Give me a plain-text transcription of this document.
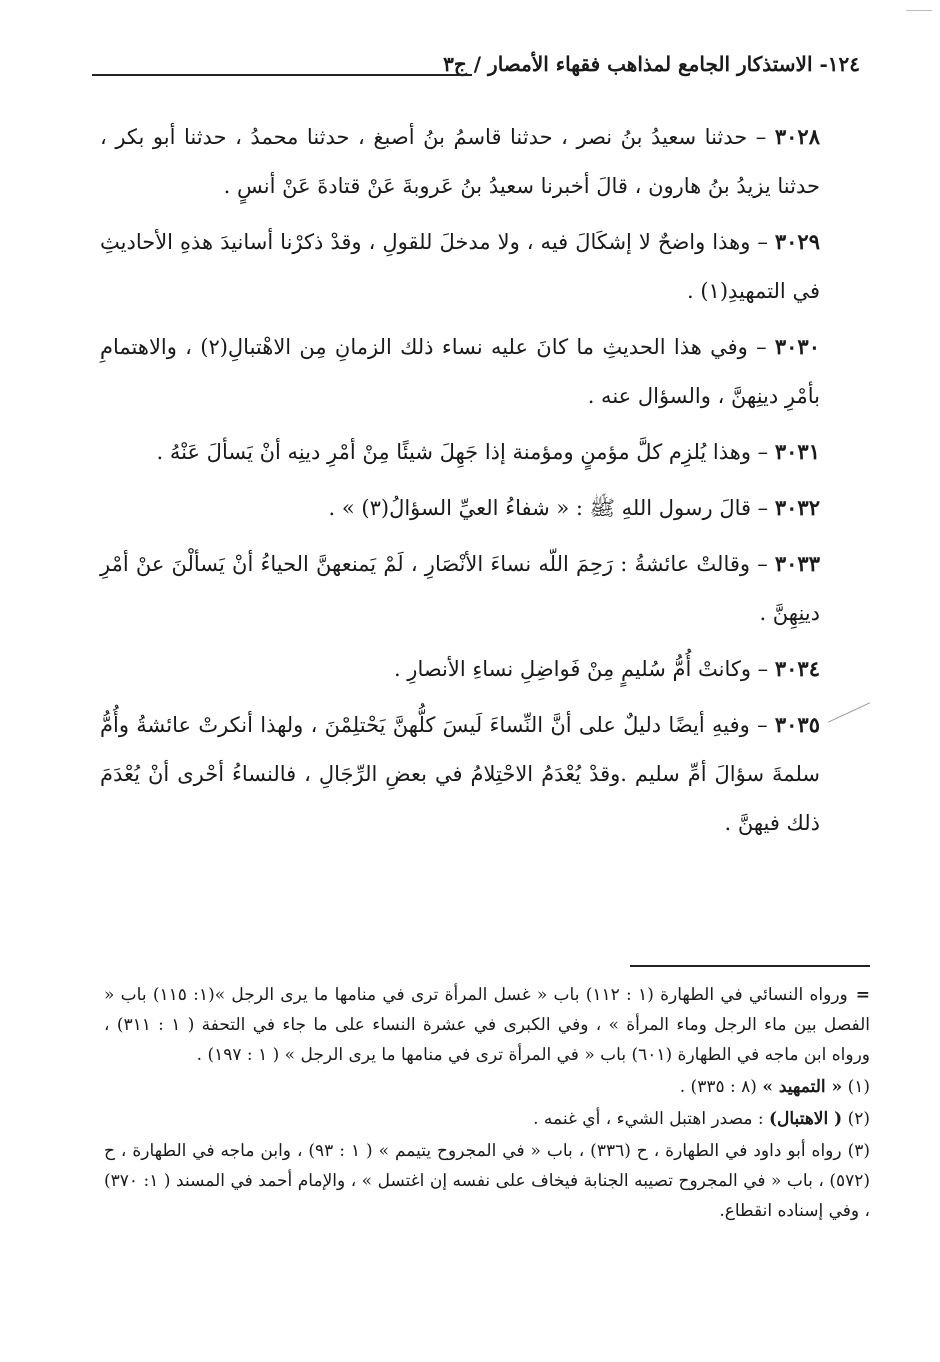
١٢٤- الاستذكار الجامع لمذاهب فقهاء الأمصار / ج٣

٣٠٢٨ – حدثنا سعيدُ بنُ نصر ، حدثنا قاسمُ بنُ أصبغ ، حدثنا محمدُ ، حدثنا أبو بكر ، حدثنا يزيدُ بنُ هارون ، قالَ أخبرنا سعيدُ بنُ عَروبةَ عَنْ قتادةَ عَنْ أنسٍ .

٣٠٢٩ – وهذا واضحٌ لا إشكَالَ فيه ، ولا مدخلَ للقولِ ، وقدْ ذكرْنا أسانيدَ هذهِ الأحاديثِ في التمهيدِ(١) .

٣٠٣٠ – وفي هذا الحديثِ ما كانَ عليه نساء ذلك الزمانِ مِن الاهْتبالِ(٢) ، والاهتمامِ بأمْرِ دينِهنَّ ، والسؤال عنه .

٣٠٣١ – وهذا يُلزِم كلَّ مؤمنٍ ومؤمنة إذا جَهِلَ شيئًا مِنْ أمْرِ دينِه أنْ يَسألَ عَنْهُ .

٣٠٣٢ – قالَ رسول اللهِ ﷺ : « شفاءُ العيِّ السؤالُ(٣) » .

٣٠٣٣ – وقالتْ عائشةُ : رَحِمَ اللّه نساءَ الأنْصَارِ ، لَمْ يَمنعهنَّ الحياءُ أنْ يَسألْنَ عنْ أمْرِ دينِهِنَّ .

٣٠٣٤ – وكانتْ أُمُّ سُليمٍ مِنْ فَواضِلِ نساءِ الأنصارِ .

٣٠٣٥ – وفيهِ أيضًا دليلٌ على أنَّ النِّساءَ لَيسَ كلُّهنَّ يَحْتلِمْنَ ، ولهذا أنكرتْ عائشةُ وأُمُّ سلمةَ سؤالَ أمِّ سليم .وقدْ يُعْدَمُ الاحْتِلامُ في بعضِ الرِّجَالِ ، فالنساءُ أحْرى أنْ يُعْدَمَ ذلك فيهنَّ .

=ورواه النسائي في الطهارة (١ : ١١٢) باب « غسل المرأة ترى في منامها ما يرى الرجل »(١: ١١٥) باب « الفصل بين ماء الرجل وماء المرأة » ، وفي الكبرى في عشرة النساء على ما جاء في التحفة ( ١ : ٣١١) ، ورواه ابن ماجه في الطهارة (٦٠١) باب « في المرأة ترى في منامها ما يرى الرجل » ( ١ : ١٩٧) .

(١) « التمهيد » (٨ : ٣٣٥) .

(٢) ( الاهتبال) : مصدر اهتبل الشيء ، أي غنمه .

(٣) رواه أبو داود في الطهارة ، ح (٣٣٦) ، باب « في المجروح يتيمم » ( ١ : ٩٣) ، وابن ماجه في الطهارة ، ح (٥٧٢) ، باب « في المجروح تصيبه الجنابة فيخاف على نفسه إن اغتسل » ، والإمام أحمد في المسند ( ١: ٣٧٠) ، وفي إسناده انقطاع.
